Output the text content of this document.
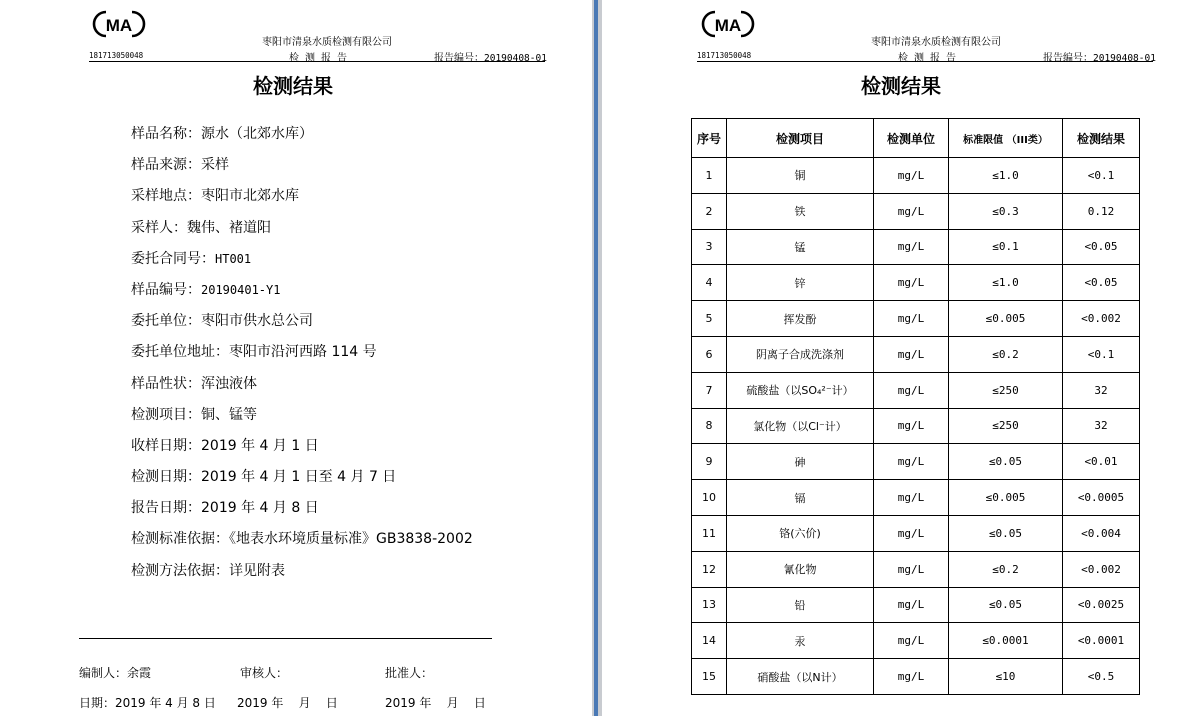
MA
枣阳市清泉水质检测有限公司
检测报告
181713050048	报告编号：20190408-01
检测结果
样品名称：源水（北郊水库）
样品来源：采样
采样地点：枣阳市北郊水库
采样人：魏伟、褚道阳
委托合同号：HT001
样品编号：20190401-Y1
委托单位：枣阳市供水总公司
委托单位地址：枣阳市沿河西路 114 号
样品性状：浑浊液体
检测项目：铜、锰等
收样日期：2019 年 4 月 1 日
检测日期：2019 年 4 月 1 日至 4 月 7 日
报告日期：2019 年 4 月 8 日
检测标准依据：《地表水环境质量标准》GB3838-2002
检测方法依据：详见附表
编制人：余霞	审核人：	批准人：
日期：2019 年 4 月 8 日 2019 年    月    日	2019 年    月    日
MA
枣阳市清泉水质检测有限公司
检测报告
181713050048	报告编号：20190408-01
检测结果
序号	检测项目	检测单位	标准限值 （III类）	检测结果
1	铜	mg/L	≤1.0	<0.1
2	铁	mg/L	≤0.3	0.12
3	锰	mg/L	≤0.1	<0.05
4	锌	mg/L	≤1.0	<0.05
5	挥发酚	mg/L	≤0.005	<0.002
6	阴离子合成洗涤剂	mg/L	≤0.2	<0.1
7	硫酸盐（以SO₄²⁻计）	mg/L	≤250	32
8	氯化物（以Cl⁻计）	mg/L	≤250	32
9	砷	mg/L	≤0.05	<0.01
10	镉	mg/L	≤0.005	<0.0005
11	铬(六价)	mg/L	≤0.05	<0.004
12	氰化物	mg/L	≤0.2	<0.002
13	铅	mg/L	≤0.05	<0.0025
14	汞	mg/L	≤0.0001	<0.0001
15	硝酸盐（以N计）	mg/L	≤10	<0.5
